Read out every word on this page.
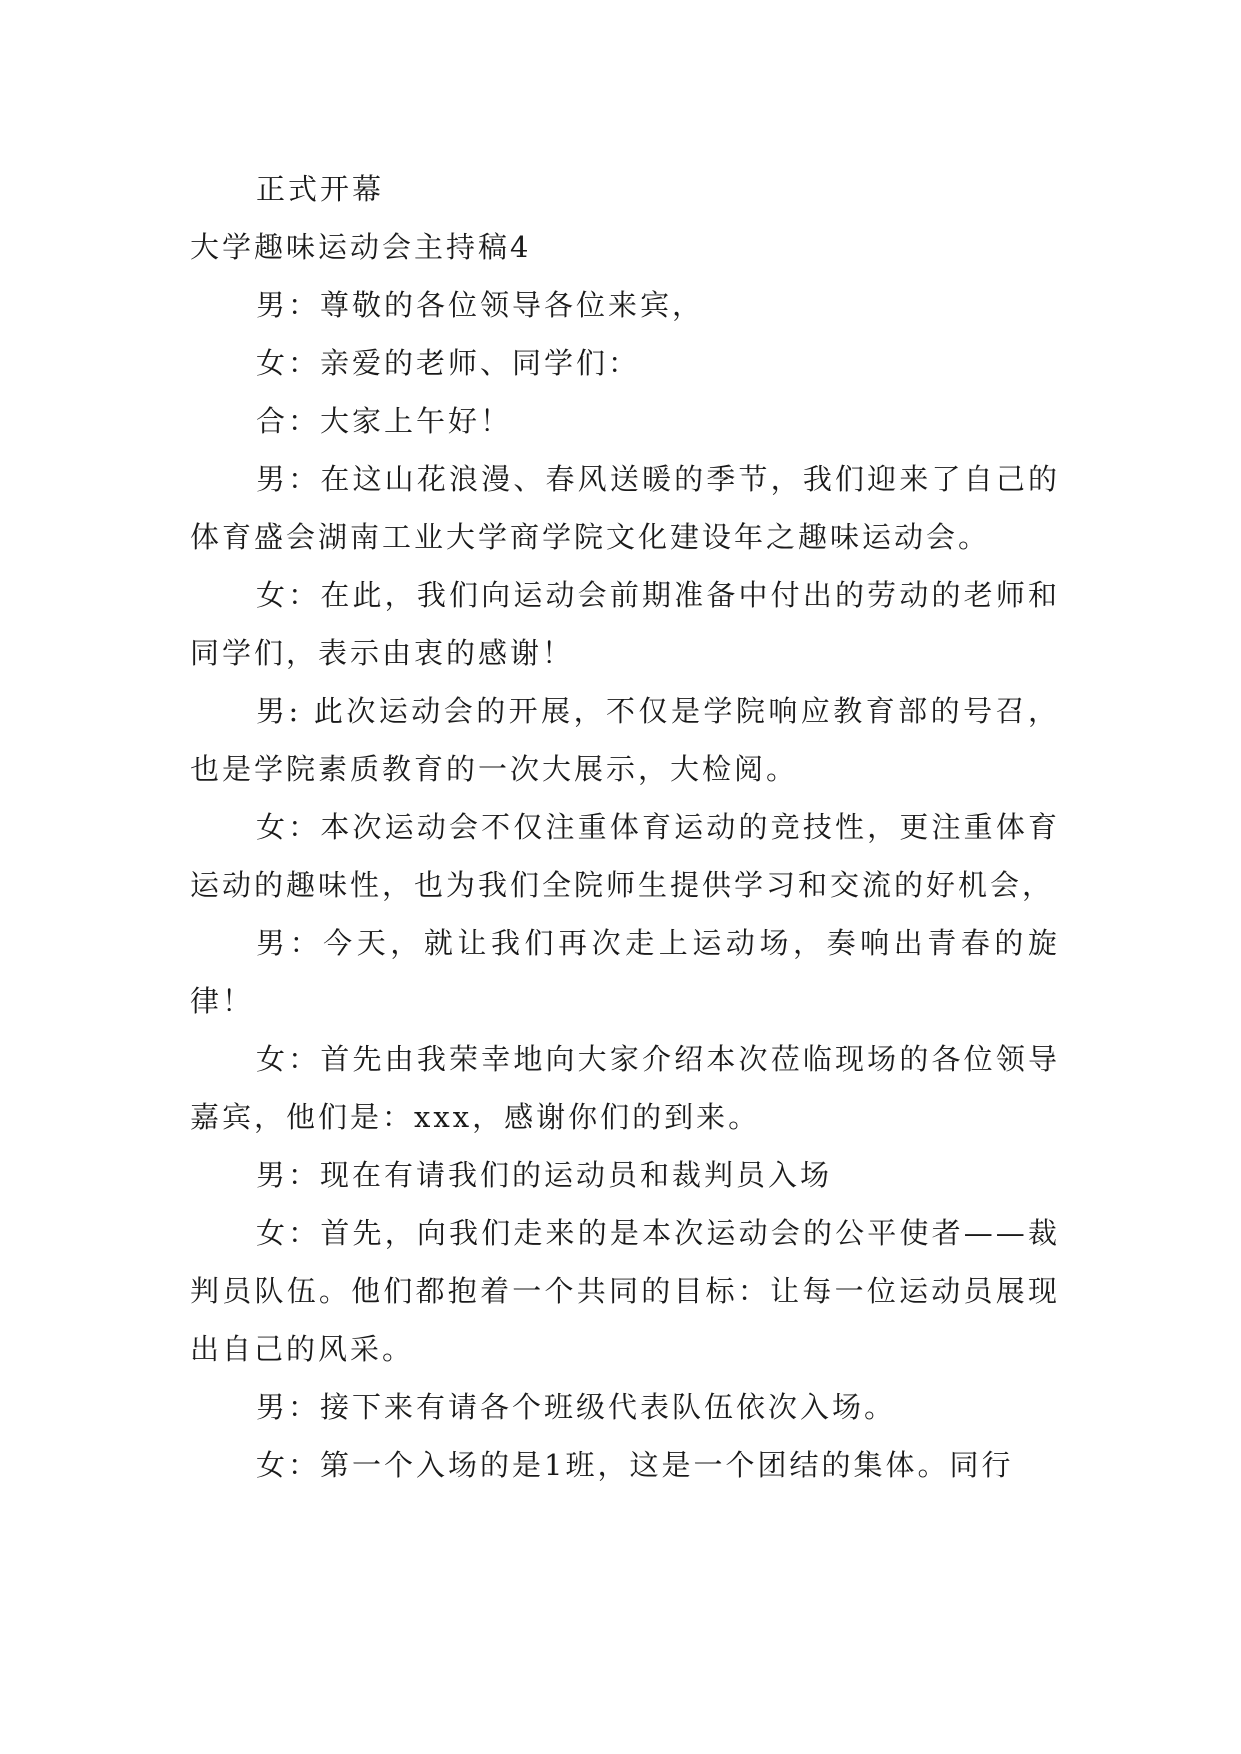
正式开幕

大学趣味运动会主持稿4

男：尊敬的各位领导各位来宾，

女：亲爱的老师、同学们：

合：大家上午好！

男：在这山花浪漫、春风送暖的季节，我们迎来了自己的体育盛会湖南工业大学商学院文化建设年之趣味运动会。

女：在此，我们向运动会前期准备中付出的劳动的老师和同学们，表示由衷的感谢！

男: 此次运动会的开展，不仅是学院响应教育部的号召，也是学院素质教育的一次大展示，大检阅。

女：本次运动会不仅注重体育运动的竞技性，更注重体育运动的趣味性，也为我们全院师生提供学习和交流的好机会，

男：今天，就让我们再次走上运动场，奏响出青春的旋律！

女：首先由我荣幸地向大家介绍本次莅临现场的各位领导嘉宾，他们是：xxx，感谢你们的到来。

男：现在有请我们的运动员和裁判员入场

女：首先，向我们走来的是本次运动会的公平使者——裁判员队伍。他们都抱着一个共同的目标：让每一位运动员展现出自己的风采。

男：接下来有请各个班级代表队伍依次入场。

女：第一个入场的是1班，这是一个团结的集体。同行
